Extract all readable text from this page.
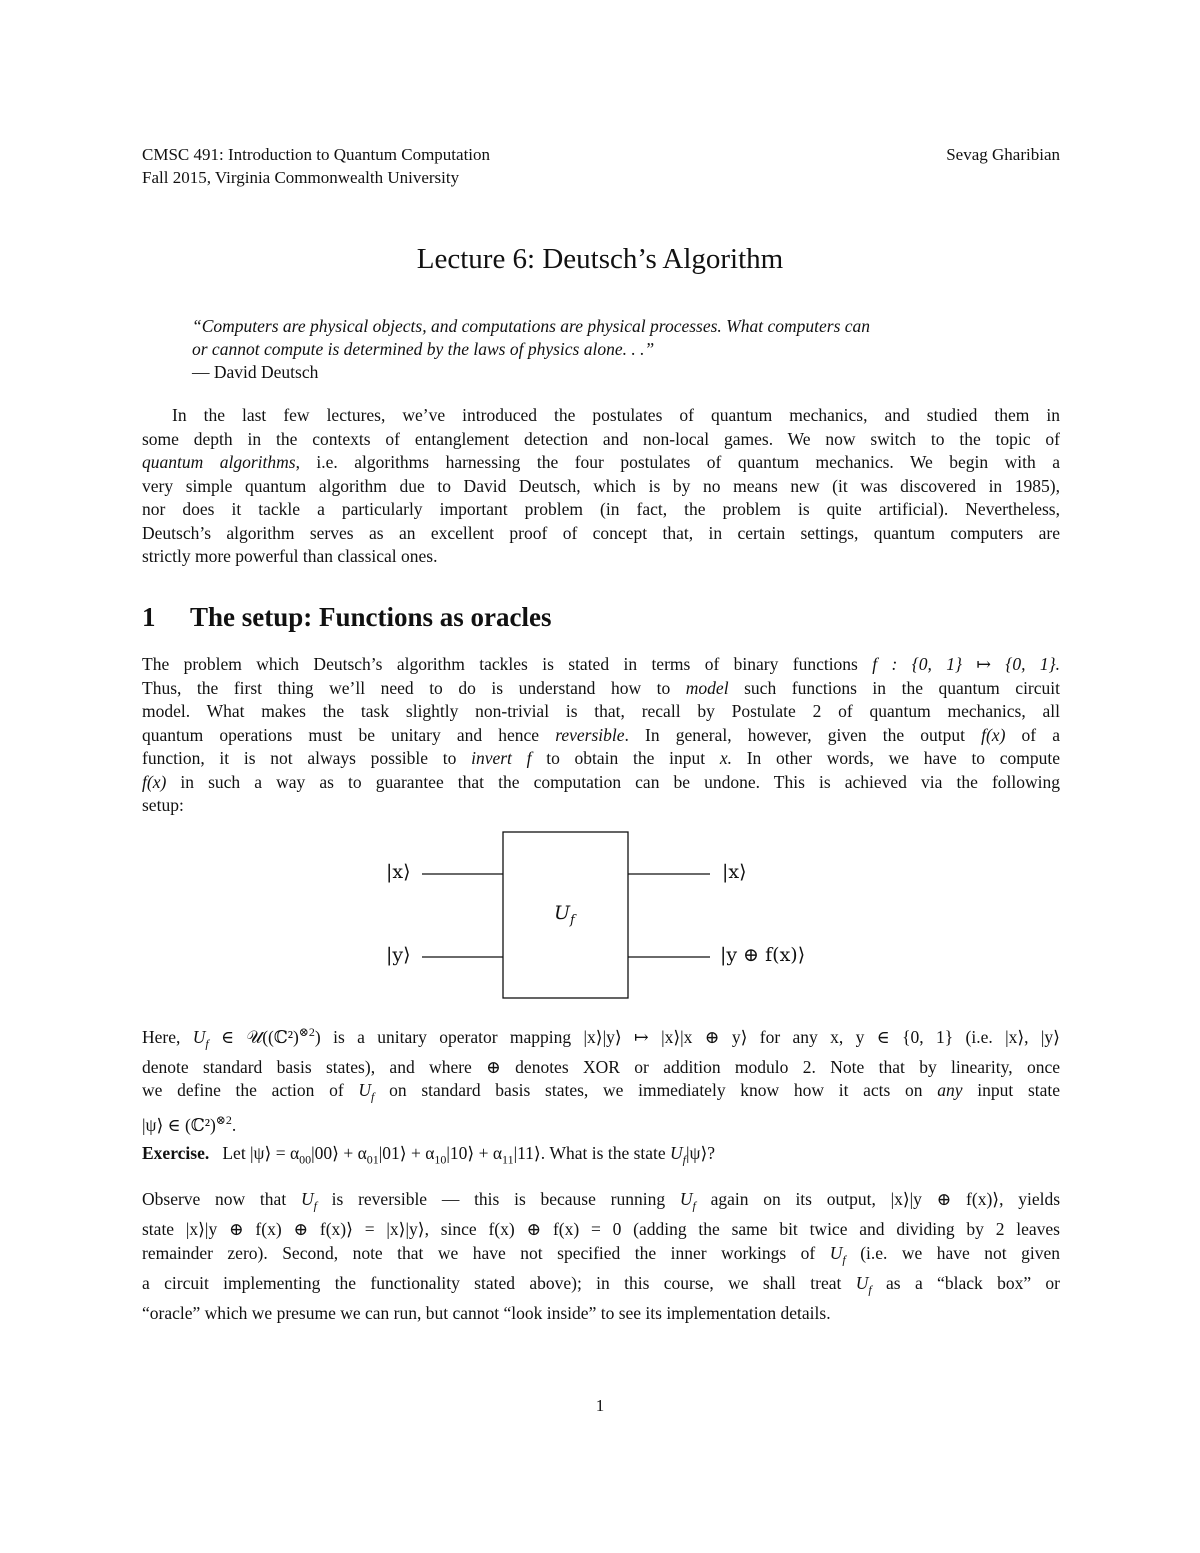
CMSC 491: Introduction to Quantum Computation	Sevag Gharibian
Fall 2015, Virginia Commonwealth University
Lecture 6: Deutsch’s Algorithm
“Computers are physical objects, and computations are physical processes. What computers can
or cannot compute is determined by the laws of physics alone. . .”
— David Deutsch
In the last few lectures, we’ve introduced the postulates of quantum mechanics, and studied them in
some depth in the contexts of entanglement detection and non-local games. We now switch to the topic of
quantum algorithms, i.e. algorithms harnessing the four postulates of quantum mechanics. We begin with a
very simple quantum algorithm due to David Deutsch, which is by no means new (it was discovered in 1985),
nor does it tackle a particularly important problem (in fact, the problem is quite artificial). Nevertheless,
Deutsch’s algorithm serves as an excellent proof of concept that, in certain settings, quantum computers are
strictly more powerful than classical ones.
1 The setup: Functions as oracles
The problem which Deutsch’s algorithm tackles is stated in terms of binary functions f : {0, 1} ↦ {0, 1}.
Thus, the first thing we’ll need to do is understand how to model such functions in the quantum circuit
model. What makes the task slightly non-trivial is that, recall by Postulate 2 of quantum mechanics, all
quantum operations must be unitary and hence reversible. In general, however, given the output f(x) of a
function, it is not always possible to invert f to obtain the input x. In other words, we have to compute
f(x) in such a way as to guarantee that the computation can be undone. This is achieved via the following
setup:
|x⟩
|y⟩
$U_f$
|x⟩
|y ⊕ f(x)⟩
Here, $U_f$ ∈ 𝒰((ℂ²)$^{\otimes 2}$) is a unitary operator mapping |x⟩|y⟩ ↦ |x⟩|x ⊕ y⟩ for any x, y ∈ {0, 1} (i.e. |x⟩, |y⟩
denote standard basis states), and where ⊕ denotes XOR or addition modulo 2. Note that by linearity, once
we define the action of $U_f$ on standard basis states, we immediately know how it acts on any input state
|ψ⟩ ∈ (ℂ²)$^{\otimes 2}$.
Exercise. Let |ψ⟩ = $\alpha_{00}|00⟩$ + $\alpha_{01}|01⟩$ + $\alpha_{10}|10⟩$ + $\alpha_{11}|11⟩$. What is the state $U_f|\psi⟩$?
Observe now that $U_f$ is reversible — this is because running $U_f$ again on its output, |x⟩|y ⊕ f(x)⟩, yields
state |x⟩|y ⊕ f(x) ⊕ f(x)⟩ = |x⟩|y⟩, since f(x) ⊕ f(x) = 0 (adding the same bit twice and dividing by 2 leaves
remainder zero). Second, note that we have not specified the inner workings of $U_f$ (i.e. we have not given
a circuit implementing the functionality stated above); in this course, we shall treat $U_f$ as a “black box” or
“oracle” which we presume we can run, but cannot “look inside” to see its implementation details.
1
